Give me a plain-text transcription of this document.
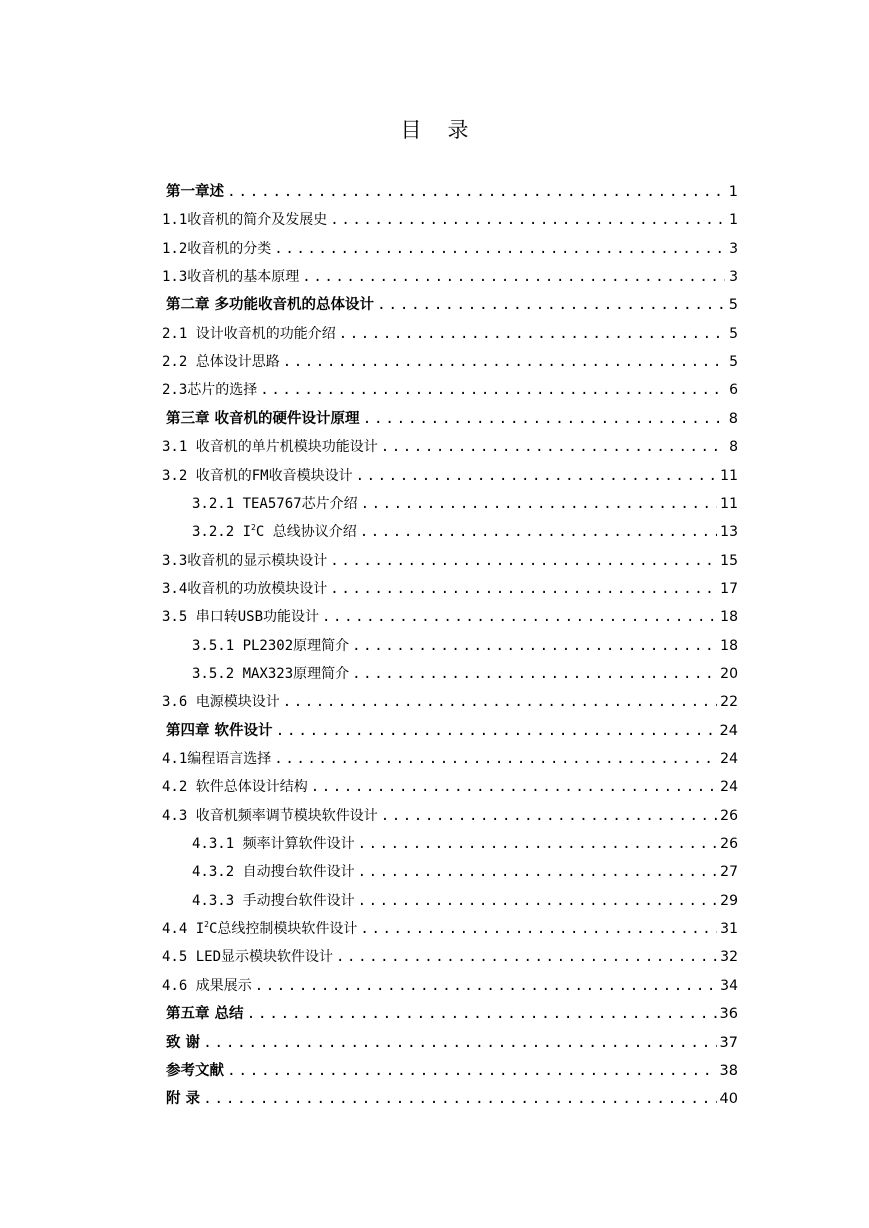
目 录
第一章述 .....	1
1.1收音机的简介及发展史 .....	1
1.2收音机的分类 .....	3
1.3收音机的基本原理 .....	3
第二章 多功能收音机的总体设计 .....	5
2.1 设计收音机的功能介绍 .....	5
2.2 总体设计思路 .....	5
2.3芯片的选择 .....	6
第三章 收音机的硬件设计原理 .....	8
3.1 收音机的单片机模块功能设计 .....	8
3.2 收音机的FM收音模块设计 .....	11
3.2.1 TEA5767芯片介绍 .....	11
3.2.2 $I^2C$ 总线协议介绍 .....	13
3.3收音机的显示模块设计 .....	15
3.4收音机的功放模块设计 .....	17
3.5 串口转USB功能设计 .....	18
3.5.1 PL2302原理简介 .....	18
3.5.2 MAX323原理简介 .....	20
3.6 电源模块设计 .....	22
第四章 软件设计 .....	24
4.1编程语言选择 .....	24
4.2 软件总体设计结构 .....	24
4.3 收音机频率调节模块软件设计 .....	26
4.3.1 频率计算软件设计 .....	26
4.3.2 自动搜台软件设计 .....	27
4.3.3 手动搜台软件设计 .....	29
4.4 $I^2C$总线控制模块软件设计 .....	31
4.5 LED显示模块软件设计 .....	32
4.6 成果展示 .....	34
第五章 总结 .....	36
致 谢 .....	37
参考文献 .....	38
附 录 .....	40
